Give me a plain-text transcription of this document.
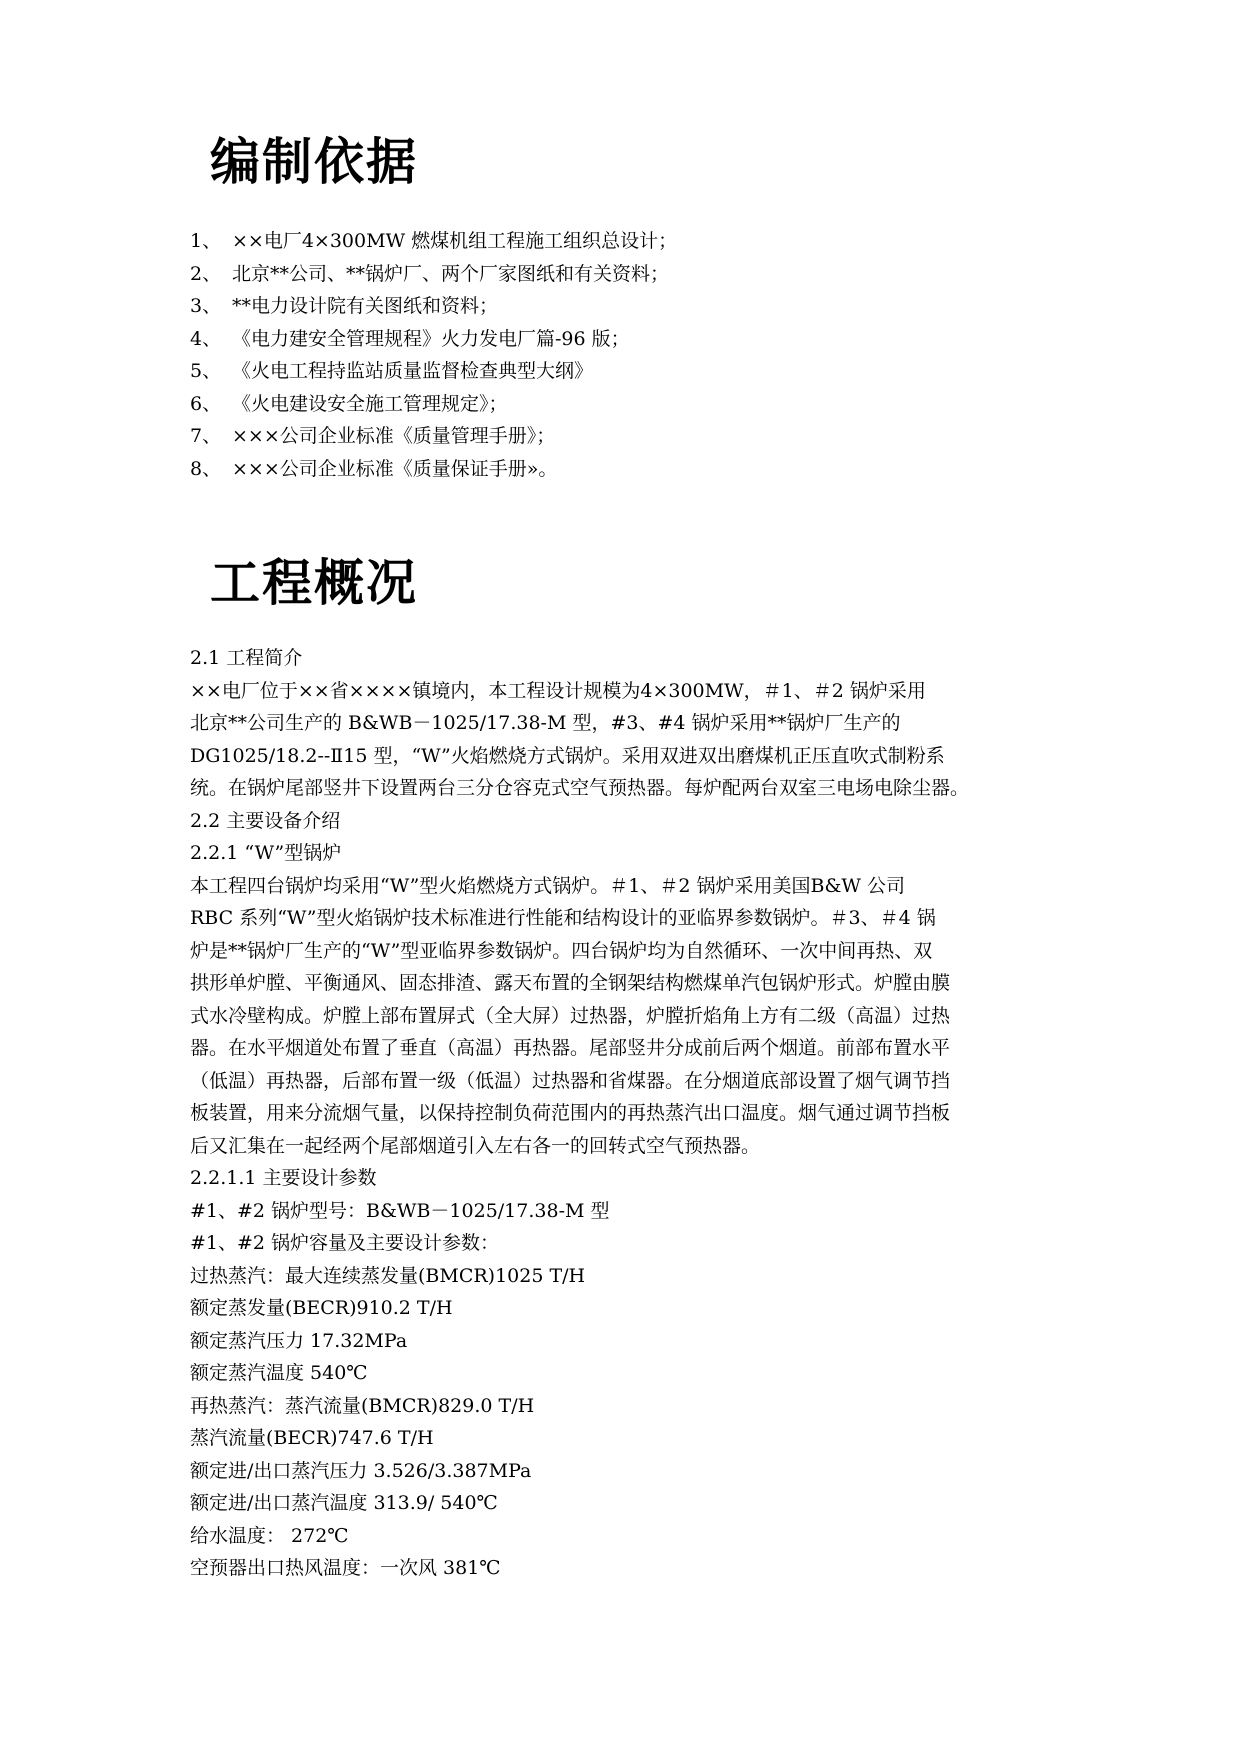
编制依据
1、 ××电厂4×300MW 燃煤机组工程施工组织总设计；
2、 北京**公司、**锅炉厂、两个厂家图纸和有关资料；
3、 **电力设计院有关图纸和资料；
4、 《电力建安全管理规程》火力发电厂篇-96 版；
5、 《火电工程持监站质量监督检查典型大纲》
6、 《火电建设安全施工管理规定》；
7、 ×××公司企业标准《质量管理手册》；
8、 ×××公司企业标准《质量保证手册»。
工程概况
2.1 工程简介
××电厂位于××省××××镇境内，本工程设计规模为4×300MW，＃1、＃2 锅炉采用
北京**公司生产的 B&WB－1025/17.38-M 型，#3、#4 锅炉采用**锅炉厂生产的
DG1025/18.2--Ⅱ15 型，“W”火焰燃烧方式锅炉。采用双进双出磨煤机正压直吹式制粉系
统。在锅炉尾部竖井下设置两台三分仓容克式空气预热器。每炉配两台双室三电场电除尘器。
2.2 主要设备介绍
2.2.1 “W”型锅炉
本工程四台锅炉均采用“W”型火焰燃烧方式锅炉。＃1、＃2 锅炉采用美国B&W 公司
RBC 系列“W”型火焰锅炉技术标准进行性能和结构设计的亚临界参数锅炉。＃3、＃4 锅
炉是**锅炉厂生产的“W”型亚临界参数锅炉。四台锅炉均为自然循环、一次中间再热、双
拱形单炉膛、平衡通风、固态排渣、露天布置的全钢架结构燃煤单汽包锅炉形式。炉膛由膜
式水冷壁构成。炉膛上部布置屏式（全大屏）过热器，炉膛折焰角上方有二级（高温）过热
器。在水平烟道处布置了垂直（高温）再热器。尾部竖井分成前后两个烟道。前部布置水平
（低温）再热器，后部布置一级（低温）过热器和省煤器。在分烟道底部设置了烟气调节挡
板装置，用来分流烟气量，以保持控制负荷范围内的再热蒸汽出口温度。烟气通过调节挡板
后又汇集在一起经两个尾部烟道引入左右各一的回转式空气预热器。
2.2.1.1 主要设计参数
#1、#2 锅炉型号：B&WB－1025/17.38-M 型
#1、#2 锅炉容量及主要设计参数：
过热蒸汽：最大连续蒸发量(BMCR)1025 T/H
额定蒸发量(BECR)910.2 T/H
额定蒸汽压力 17.32MPa
额定蒸汽温度 540℃
再热蒸汽：蒸汽流量(BMCR)829.0 T/H
蒸汽流量(BECR)747.6 T/H
额定进/出口蒸汽压力 3.526/3.387MPa
额定进/出口蒸汽温度 313.9/ 540℃
给水温度： 272℃
空预器出口热风温度：一次风 381℃
